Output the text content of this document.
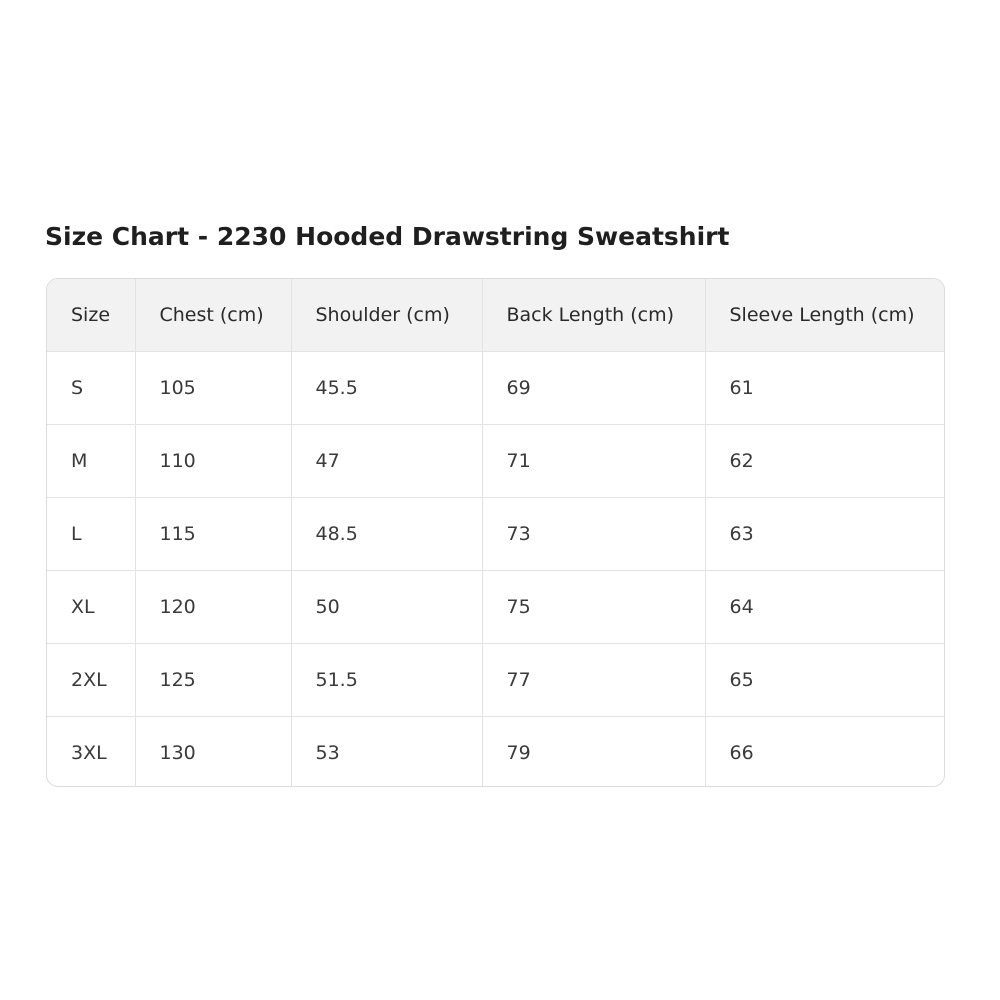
Size Chart - 2230 Hooded Drawstring Sweatshirt
Size	Chest (cm)	Shoulder (cm)	Back Length (cm)	Sleeve Length (cm)
S	105	45.5	69	61
M	110	47	71	62
L	115	48.5	73	63
XL	120	50	75	64
2XL	125	51.5	77	65
3XL	130	53	79	66
